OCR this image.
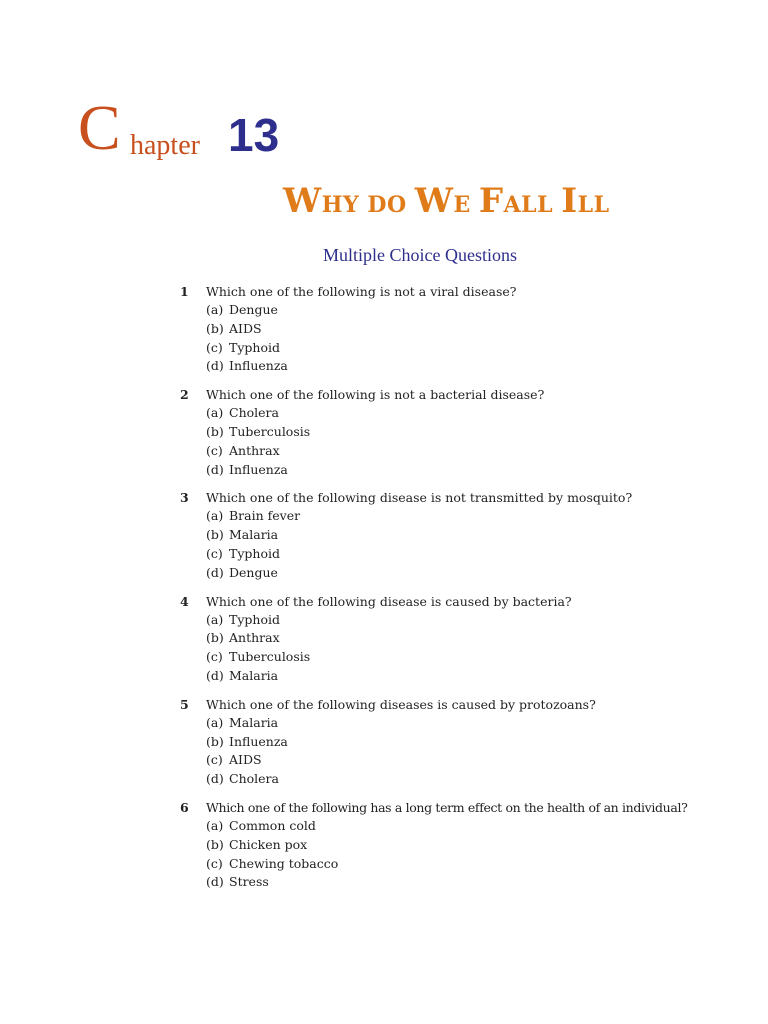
C hapter 13
WHY DO WE FALL ILL
Multiple Choice Questions
1 Which one of the following is not a viral disease?
(a) Dengue
(b) AIDS
(c) Typhoid
(d) Influenza
2 Which one of the following is not a bacterial disease?
(a) Cholera
(b) Tuberculosis
(c) Anthrax
(d) Influenza
3 Which one of the following disease is not transmitted by mosquito?
(a) Brain fever
(b) Malaria
(c) Typhoid
(d) Dengue
4 Which one of the following disease is caused by bacteria?
(a) Typhoid
(b) Anthrax
(c) Tuberculosis
(d) Malaria
5 Which one of the following diseases is caused by protozoans?
(a) Malaria
(b) Influenza
(c) AIDS
(d) Cholera
6 Which one of the following has a long term effect on the health of an individual?
(a) Common cold
(b) Chicken pox
(c) Chewing tobacco
(d) Stress
